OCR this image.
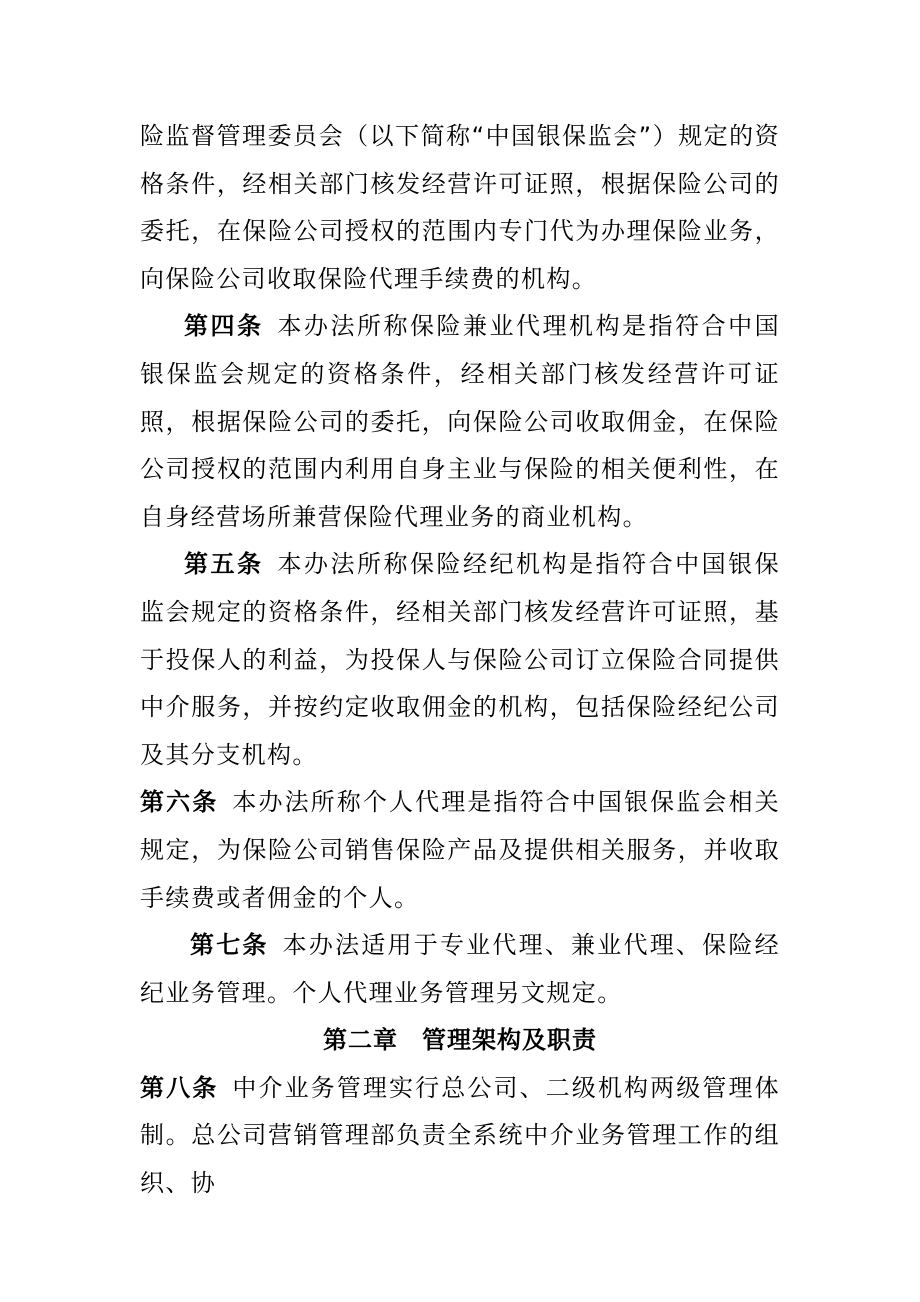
险监督管理委员会（以下简称“中国银保监会”）规定的资格条件，经相关部门核发经营许可证照，根据保险公司的委托，在保险公司授权的范围内专门代为办理保险业务，向保险公司收取保险代理手续费的机构。

第四条 本办法所称保险兼业代理机构是指符合中国银保监会规定的资格条件，经相关部门核发经营许可证照，根据保险公司的委托，向保险公司收取佣金，在保险公司授权的范围内利用自身主业与保险的相关便利性，在自身经营场所兼营保险代理业务的商业机构。

第五条 本办法所称保险经纪机构是指符合中国银保监会规定的资格条件，经相关部门核发经营许可证照，基于投保人的利益，为投保人与保险公司订立保险合同提供中介服务，并按约定收取佣金的机构，包括保险经纪公司及其分支机构。

第六条 本办法所称个人代理是指符合中国银保监会相关规定，为保险公司销售保险产品及提供相关服务，并收取手续费或者佣金的个人。

第七条 本办法适用于专业代理、兼业代理、保险经纪业务管理。个人代理业务管理另文规定。

第二章 管理架构及职责

第八条 中介业务管理实行总公司、二级机构两级管理体制。总公司营销管理部负责全系统中介业务管理工作的组织、协
